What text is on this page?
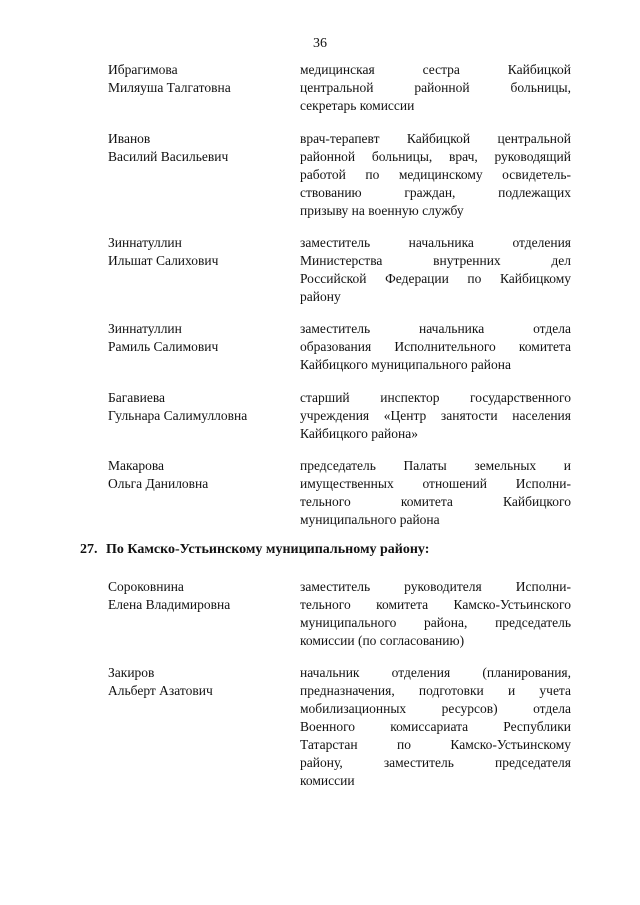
36
Ибрагимова
Миляуша Талгатовна
медицинская сестра Кайбицкой
центральной районной больницы,
секретарь комиссии
Иванов
Василий Васильевич
врач-терапевт Кайбицкой центральной
районной больницы, врач, руководящий
работой по медицинскому освидетель-
ствованию граждан, подлежащих
призыву на военную службу
Зиннатуллин
Ильшат Салихович
заместитель начальника отделения
Министерства внутренних дел
Российской Федерации по Кайбицкому
району
Зиннатуллин
Рамиль Салимович
заместитель начальника отдела
образования Исполнительного комитета
Кайбицкого муниципального района
Багавиева
Гульнара Салимулловна
старший инспектор государственного
учреждения «Центр занятости населения
Кайбицкого района»
Макарова
Ольга Даниловна
председатель Палаты земельных и
имущественных отношений Исполни-
тельного комитета Кайбицкого
муниципального района
27. По Камско-Устьинскому муниципальному району:
Сороковнина
Елена Владимировна
заместитель руководителя Исполни-
тельного комитета Камско-Устьинского
муниципального района, председатель
комиссии (по согласованию)
Закиров
Альберт Азатович
начальник отделения (планирования,
предназначения, подготовки и учета
мобилизационных ресурсов) отдела
Военного комиссариата Республики
Татарстан по Камско-Устьинскому
району, заместитель председателя
комиссии
